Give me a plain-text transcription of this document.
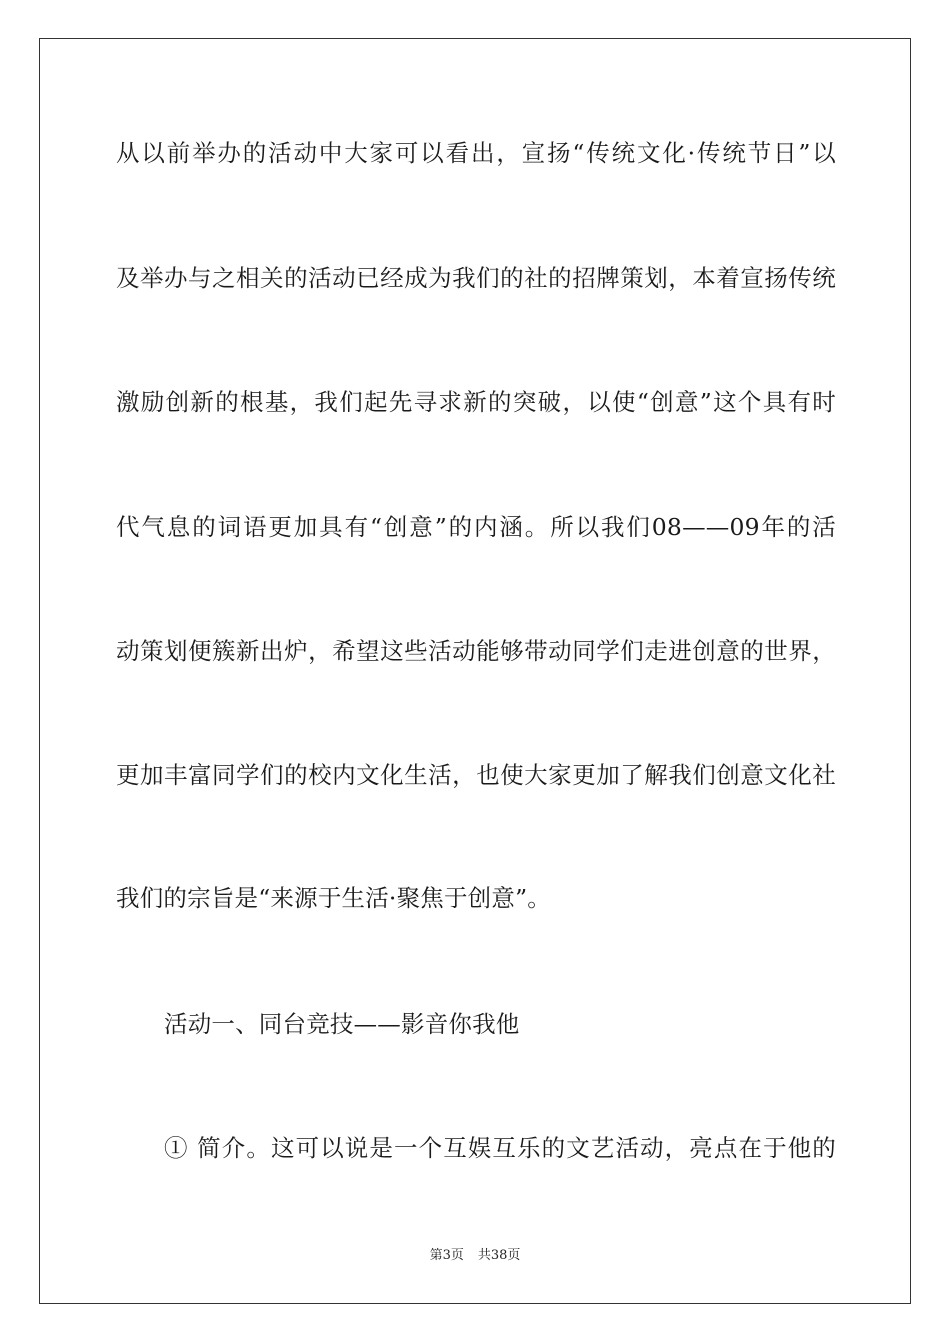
从以前举办的活动中大家可以看出，宣扬“传统文化·传统节日”以
及举办与之相关的活动已经成为我们的社的招牌策划，本着宣扬传统
激励创新的根基，我们起先寻求新的突破，以使“创意”这个具有时
代气息的词语更加具有“创意”的内涵。所以我们08——09年的活
动策划便簇新出炉，希望这些活动能够带动同学们走进创意的世界，
更加丰富同学们的校内文化生活，也使大家更加了解我们创意文化社
我们的宗旨是“来源于生活·聚焦于创意”。
活动一、同台竞技——影音你我他
① 简介。这可以说是一个互娱互乐的文艺活动，亮点在于他的
第3页 共38页
